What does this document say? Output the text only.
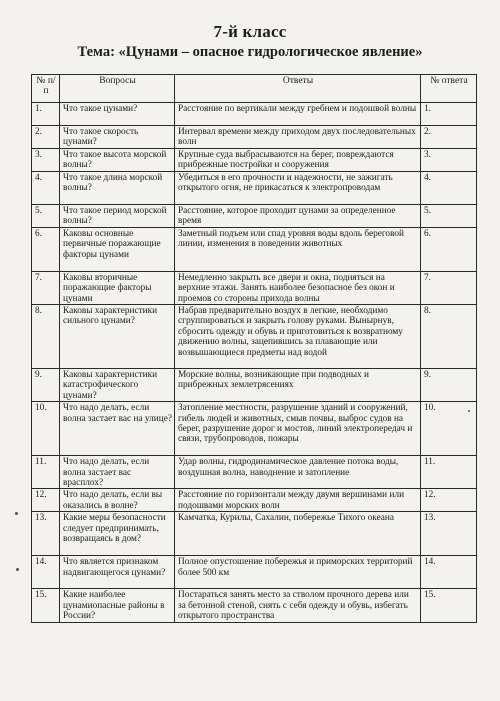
7-й класс
Тема: «Цунами – опасное гидрологическое явление»
№ п/п	Вопросы	Ответы	№ ответа
1.	Что такое цунами?	Расстояние по вертикали между гребнем и подошвой волны	1.
2.	Что такое скорость цунами?	Интервал времени между приходом двух последовательных волн	2.
3.	Что такое высота морской волны?	Крупные суда выбрасываются на берег, повреждаются прибрежные постройки и сооружения	3.
4.	Что такое длина морской волны?	Убедиться в его прочности и надежности, не зажигать открытого огня, не прикасаться к электропроводам	4.
5.	Что такое период морской волны?	Расстояние, которое проходит цунами за определенное время	5.
6.	Каковы основные первичные поражающие факторы цунами	Заметный подъем или спад уровня воды вдоль береговой линии, изменения в поведении животных	6.
7.	Каковы вторичные поражающие факторы цунами	Немедленно закрыть все двери и окна, подняться на верхние этажи. Занять наиболее безопасное без окон и проемов со стороны прихода волны	7.
8.	Каковы характеристики сильного цунами?	Набрав предварительно воздух в легкие, необходимо сгруппироваться и закрыть голову руками. Вынырнув, сбросить одежду и обувь и приготовиться к возвратному движению волны, зацепившись за плавающие или возвышающиеся предметы над водой	8.
9.	Каковы характеристики катастрофического цунами?	Морские волны, возникающие при подводных и прибрежных землетрясениях	9.
10.	Что надо делать, если волна застает вас на улице?	Затопление местности, разрушение зданий и сооружений, гибель людей и животных, смыв почвы, выброс судов на берег, разрушение дорог и мостов, линий электропередач и связи, трубопроводов, пожары	10.
11.	Что надо делать, если волна застает вас врасплох?	Удар волны, гидродинамическое давление потока воды, воздушная волна, наводнение и затопление	11.
12.	Что надо делать, если вы оказались в волне?	Расстояние по горизонтали между двумя вершинами или подошвами морских волн	12.
13.	Какие меры безопасности следует предпринимать, возвращаясь в дом?	Камчатка, Курилы, Сахалин, побережье Тихого океана	13.
14.	Что является признаком надвигающегося цунами?	Полное опустошение побережья и приморских территорий более 500 км	14.
15.	Какие наиболее цунамиопасные районы в России?	Постараться занять место за стволом прочного дерева или за бетонной стеной, снять с себя одежду и обувь, избегать открытого пространства	15.
